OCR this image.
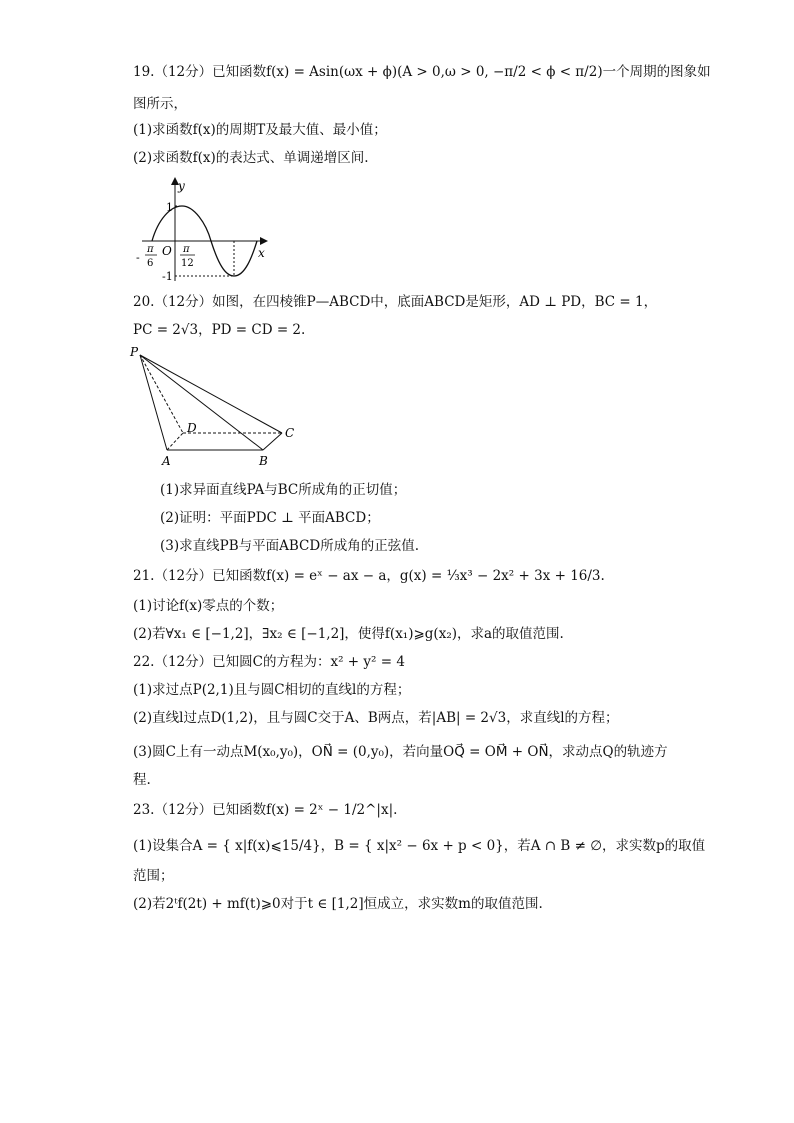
19.（12分）已知函数f(x) = Asin(ωx + ϕ)(A > 0,ω > 0, −π/2 < ϕ < π/2)一个周期的图象如
图所示，
(1)求函数f(x)的周期T及最大值、最小值；
(2)求函数f(x)的表达式、单调递增区间.
y
x
O
1
-1
-
π
6
π
12
20.（12分）如图，在四棱锥P—ABCD中，底面ABCD是矩形，AD ⊥ PD，BC = 1，
PC = 2√3，PD = CD = 2.
P
A	B
C
D
(1)求异面直线PA与BC所成角的正切值；
(2)证明：平面PDC ⊥ 平面ABCD；
(3)求直线PB与平面ABCD所成角的正弦值.
21.（12分）已知函数f(x) = eˣ − ax − a，g(x) = ⅓x³ − 2x² + 3x + 16/3.
(1)讨论f(x)零点的个数；
(2)若∀x₁ ∈ [−1,2]，∃x₂ ∈ [−1,2]，使得f(x₁)⩾g(x₂)，求a的取值范围.
22.（12分）已知圆C的方程为：x² + y² = 4
(1)求过点P(2,1)且与圆C相切的直线l的方程；
(2)直线l过点D(1,2)，且与圆C交于A、B两点，若|AB| = 2√3，求直线l的方程；
(3)圆C上有一动点M(x₀,y₀)，ON⃗ = (0,y₀)，若向量OQ⃗ = OM⃗ + ON⃗，求动点Q的轨迹方
程.
23.（12分）已知函数f(x) = 2ˣ − 1/2^|x|.
(1)设集合A = { x|f(x)⩽15/4}，B = { x|x² − 6x + p < 0}，若A ∩ B ≠ ∅，求实数p的取值
范围；
(2)若2ᵗf(2t) + mf(t)⩾0对于t ∈ [1,2]恒成立，求实数m的取值范围.
